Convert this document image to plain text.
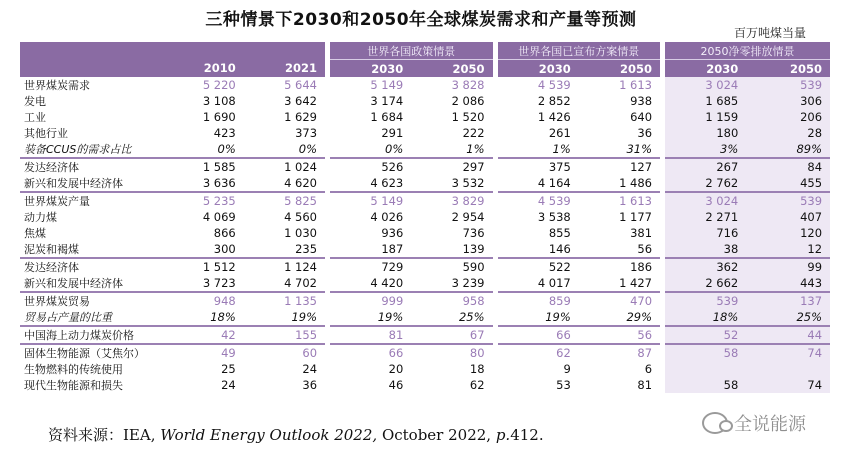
三种情景下2030和2050年全球煤炭需求和产量等预测
百万吨煤当量
			世界各国政策情景		世界各国已宣布方案情景		2050净零排放情景	
	2010	2021	2030	2050	2030	2050	2030	2050
世界煤炭需求	5 220	5 644	5 149	3 828	4 539	1 613	3 024	539
发电	3 108	3 642	3 174	2 086	2 852	938	1 685	306
工业	1 690	1 629	1 684	1 520	1 426	640	1 159	206
其他行业	423	373	291	222	261	36	180	28
装备CCUS的需求占比	0%	0%	0%	1%	1%	31%	3%	89%
发达经济体	1 585	1 024	526	297	375	127	267	84
新兴和发展中经济体	3 636	4 620	4 623	3 532	4 164	1 486	2 762	455
世界煤炭产量	5 235	5 825	5 149	3 829	4 539	1 613	3 024	539
动力煤	4 069	4 560	4 026	2 954	3 538	1 177	2 271	407
焦煤	866	1 030	936	736	855	381	716	120
泥炭和褐煤	300	235	187	139	146	56	38	12
发达经济体	1 512	1 124	729	590	522	186	362	99
新兴和发展中经济体	3 723	4 702	4 420	3 239	4 017	1 427	2 662	443
世界煤炭贸易	948	1 135	999	958	859	470	539	137
贸易占产量的比重	18%	19%	19%	25%	19%	29%	18%	25%
中国海上动力煤炭价格	42	155	81	67	66	56	52	44
固体生物能源（艾焦尔）	49	60	66	80	62	87	58	74
生物燃料的传统使用	25	24	20	18	9	6		
现代生物能源和损失	24	36	46	62	53	81	58	74
资料来源：IEA, World Energy Outlook 2022, October 2022, p.412.	全说能源
